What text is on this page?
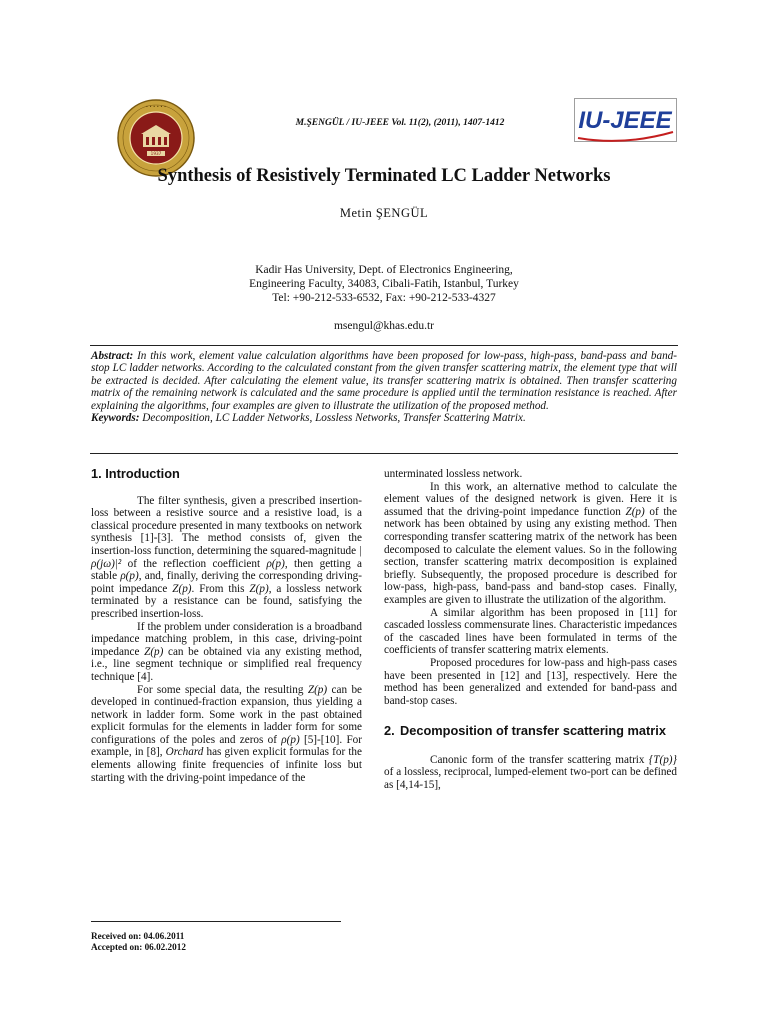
1937
• • • • • •
M.ŞENGÜL / IU-JEEE Vol. 11(2), (2011), 1407-1412	IU-JEEE
Synthesis of Resistively Terminated LC Ladder Networks
Metin ŞENGÜL
Kadir Has University, Dept. of Electronics Engineering,
Engineering Faculty, 34083, Cibali-Fatih, Istanbul, Turkey
Tel: +90-212-533-6532, Fax: +90-212-533-4327
msengul@khas.edu.tr
Abstract: In this work, element value calculation algorithms have been proposed for low-pass, high-pass, band-pass and band-stop LC ladder networks. According to the calculated constant from the given transfer scattering matrix, the element type that will be extracted is decided. After calculating the element value, its transfer scattering matrix is obtained. Then transfer scattering matrix of the remaining network is calculated and the same procedure is applied until the termination resistance is reached. After explaining the algorithms, four examples are given to illustrate the utilization of the proposed method.
Keywords: Decomposition, LC Ladder Networks, Lossless Networks, Transfer Scattering Matrix.
1. Introduction

The filter synthesis, given a prescribed insertion-loss between a resistive source and a resistive load, is a classical procedure presented in many textbooks on network synthesis [1]-[3]. The method consists of, given the insertion-loss function, determining the squared-magnitude |ρ(jω)|² of the reflection coefficient ρ(p), then getting a stable ρ(p), and, finally, deriving the corresponding driving-point impedance Z(p). From this Z(p), a lossless network terminated by a resistance can be found, satisfying the prescribed insertion-loss.

If the problem under consideration is a broadband impedance matching problem, in this case, driving-point impedance Z(p) can be obtained via any existing method, i.e., line segment technique or simplified real frequency technique [4].

For some special data, the resulting Z(p) can be developed in continued-fraction expansion, thus yielding a network in ladder form. Some work in the past obtained explicit formulas for the elements in ladder form for some configurations of the poles and zeros of ρ(p) [5]-[10]. For example, in [8], Orchard has given explicit formulas for the elements allowing finite frequencies of infinite loss but starting with the driving-point impedance of the

unterminated lossless network.

In this work, an alternative method to calculate the element values of the designed network is given. Here it is assumed that the driving-point impedance function Z(p) of the network has been obtained by using any existing method. Then corresponding transfer scattering matrix of the network has been decomposed to calculate the element values. So in the following section, transfer scattering matrix decomposition is explained briefly. Subsequently, the proposed procedure is described for low-pass, high-pass, band-pass and band-stop cases. Finally, examples are given to illustrate the utilization of the algorithm.

A similar algorithm has been proposed in [11] for cascaded lossless commensurate lines. Characteristic impedances of the cascaded lines have been formulated in terms of the coefficients of transfer scattering matrix elements.

Proposed procedures for low-pass and high-pass cases have been presented in [12] and [13], respectively. Here the method has been generalized and extended for band-pass and band-stop cases.

2. Decomposition of transfer scattering matrix

Canonic form of the transfer scattering matrix {T(p)} of a lossless, reciprocal, lumped-element two-port can be defined as [4,14-15],

Received on: 04.06.2011
Accepted on: 06.02.2012
